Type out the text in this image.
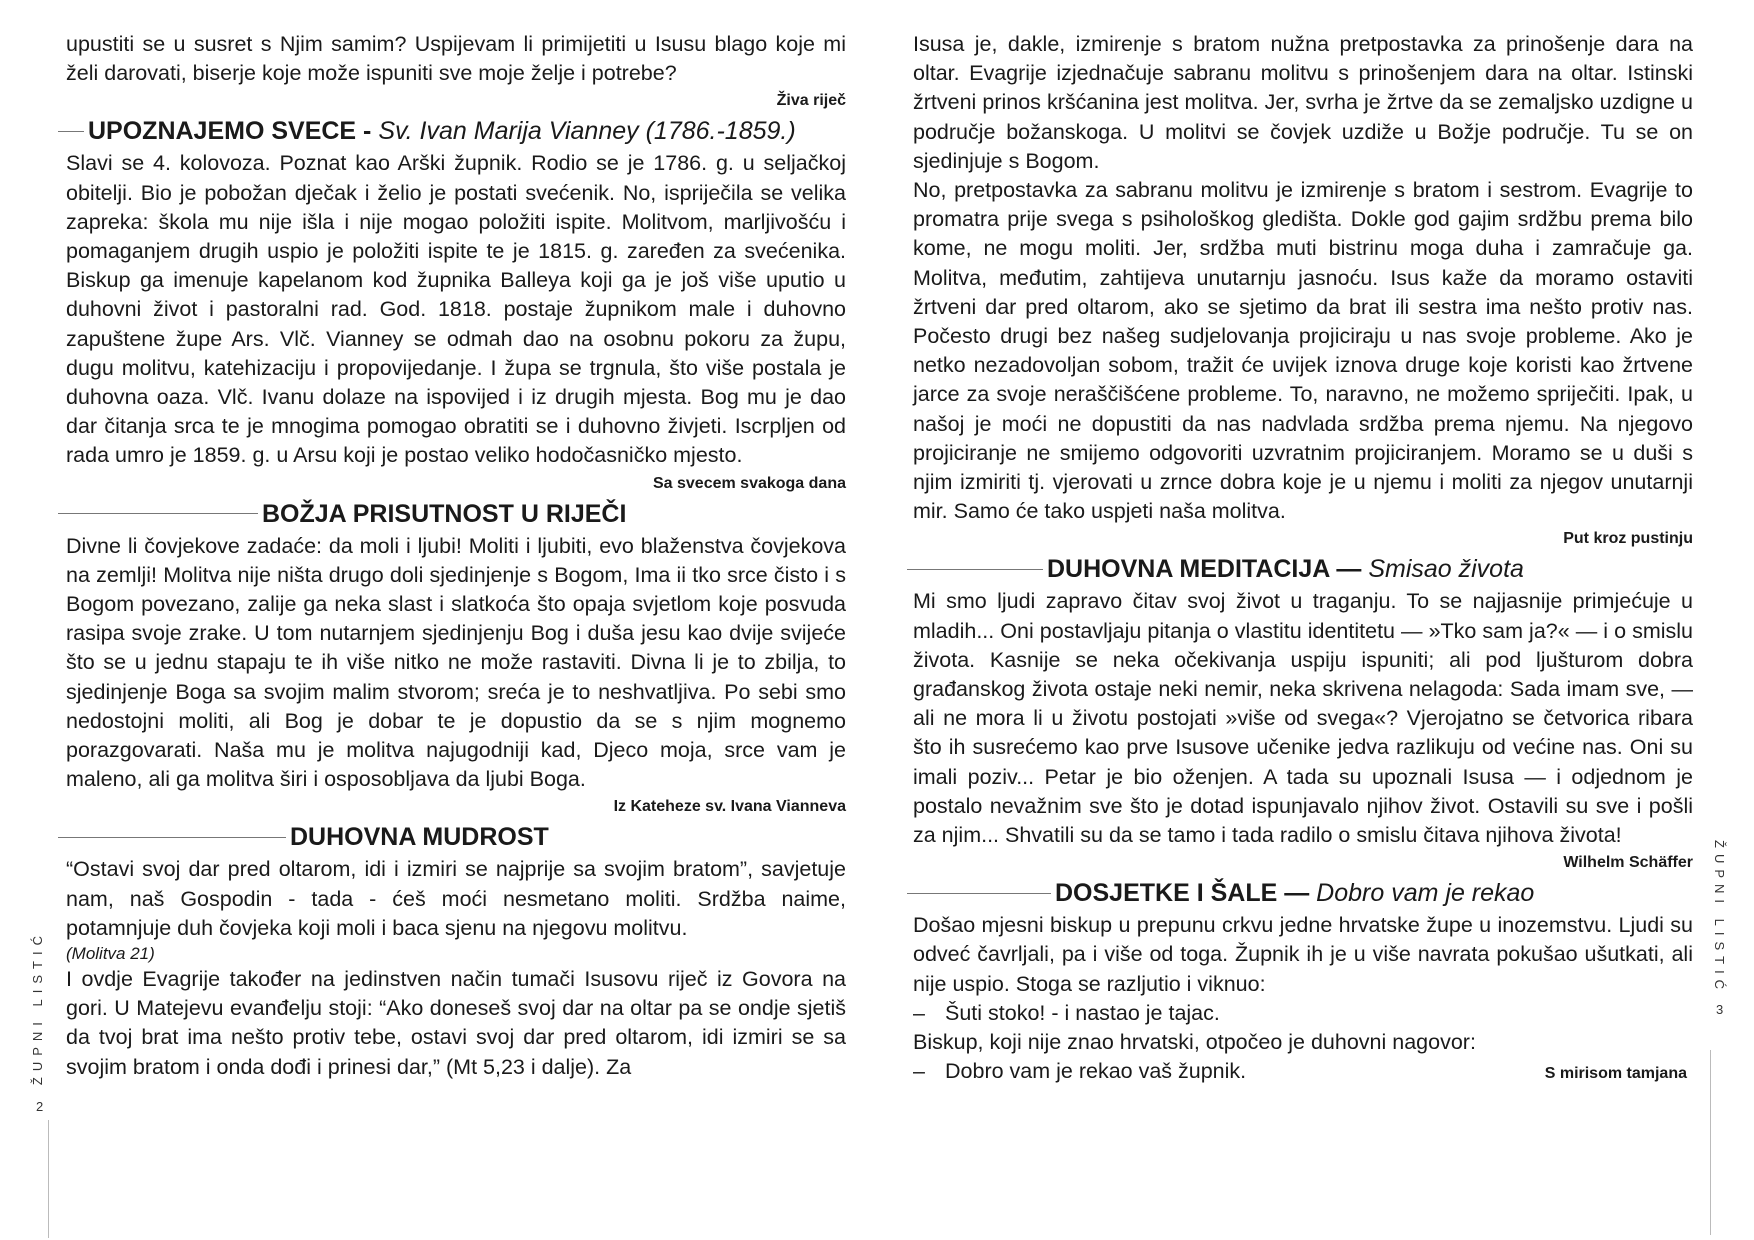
upustiti se u susret s Njim samim? Uspijevam li primijetiti u Isusu blago koje mi želi darovati, biserje koje može ispuniti sve moje želje i potrebe?

Živa riječ
UPOZNAJEMO SVECE -
Sv. Ivan Marija Vianney (1786.-1859.)

Slavi se 4. kolovoza. Poznat kao Arški župnik. Rodio se je 1786. g. u seljačkoj obitelji. Bio je pobožan dječak i želio je postati svećenik. No, ispriječila se velika zapreka: škola mu nije išla i nije mogao položiti ispite. Molitvom, marljivošću i pomaganjem drugih uspio je položiti ispite te je 1815. g. zaređen za svećenika. Biskup ga imenuje kapelanom kod župnika Balleya koji ga je još više uputio u duhovni život i pastoralni rad. God. 1818. postaje župnikom male i duhovno zapuštene župe Ars. Vlč. Vianney se odmah dao na osobnu pokoru za župu, dugu molitvu, katehizaciju i propovijedanje. I župa se trgnula, što više postala je duhovna oaza. Vlč. Ivanu dolaze na ispovijed i iz drugih mjesta. Bog mu je dao dar čitanja srca te je mnogima pomogao obratiti se i duhovno živjeti. Iscrpljen od rada umro je 1859. g. u Arsu koji je postao veliko hodočasničko mjesto.

Sa svecem svakoga dana
BOŽJA PRISUTNOST U RIJEČI

Divne li čovjekove zadaće: da moli i ljubi! Moliti i ljubiti, evo blaženstva čovjekova na zemlji! Molitva nije ništa drugo doli sjedinjenje s Bogom, Ima ii tko srce čisto i s Bogom povezano, zalije ga neka slast i slatkoća što opaja svjetlom koje posvuda rasipa svoje zrake. U tom nutarnjem sjedinjenju Bog i duša jesu kao dvije svijeće što se u jednu stapaju te ih više nitko ne može rastaviti. Divna li je to zbilja, to sjedinjenje Boga sa svojim malim stvorom; sreća je to neshvatljiva. Po sebi smo nedostojni moliti, ali Bog je dobar te je dopustio da se s njim mognemo porazgovarati. Naša mu je molitva najugodniji kad, Djeco moja, srce vam je maleno, ali ga molitva širi i osposobljava da ljubi Boga.

Iz Kateheze sv. Ivana Vianneva
DUHOVNA MUDROST

“Ostavi svoj dar pred oltarom, idi i izmiri se najprije sa svojim bratom”, savjetuje nam, naš Gospodin - tada - ćeš moći nesmetano moliti. Srdžba naime, potamnjuje duh čovjeka koji moli i baca sjenu na njegovu molitvu.

(Molitva 21)

I ovdje Evagrije također na jedinstven način tumači Isusovu riječ iz Govora na gori. U Matejevu evanđelju stoji: “Ako doneseš svoj dar na oltar pa se ondje sjetiš da tvoj brat ima nešto protiv tebe, ostavi svoj dar pred oltarom, idi izmiri se sa svojim bratom i onda dođi i prinesi dar,” (Mt 5,23 i dalje). Za

Isusa je, dakle, izmirenje s bratom nužna pretpostavka za prinošenje dara na oltar. Evagrije izjednačuje sabranu molitvu s prinošenjem dara na oltar. Istinski žrtveni prinos kršćanina jest molitva. Jer, svrha je žrtve da se zemaljsko uzdigne u područje božanskoga. U molitvi se čovjek uzdiže u Božje područje. Tu se on sjedinjuje s Bogom.

No, pretpostavka za sabranu molitvu je izmirenje s bratom i sestrom. Evagrije to promatra prije svega s psihološkog gledišta. Dokle god gajim srdžbu prema bilo kome, ne mogu moliti. Jer, srdžba muti bistrinu moga duha i zamračuje ga. Molitva, međutim, zahtijeva unutarnju jasnoću. Isus kaže da moramo ostaviti žrtveni dar pred oltarom, ako se sjetimo da brat ili sestra ima nešto protiv nas. Počesto drugi bez našeg sudjelovanja projiciraju u nas svoje probleme. Ako je netko nezadovoljan sobom, tražit će uvijek iznova druge koje koristi kao žrtvene jarce za svoje neraščišćene probleme. To, naravno, ne možemo spriječiti. Ipak, u našoj je moći ne dopustiti da nas nadvlada srdžba prema njemu. Na njegovo projiciranje ne smijemo odgovoriti uzvratnim projiciranjem. Moramo se u duši s njim izmiriti tj. vjerovati u zrnce dobra koje je u njemu i moliti za njegov unutarnji mir. Samo će tako uspjeti naša molitva.

Put kroz pustinju
DUHOVNA MEDITACIJA —
Smisao života

Mi smo ljudi zapravo čitav svoj život u traganju. To se najjasnije primjećuje u mladih... Oni postavljaju pitanja o vlastitu identitetu — »Tko sam ja?« — i o smislu života. Kasnije se neka očekivanja uspiju ispuniti; ali pod ljušturom dobra građanskog života ostaje neki nemir, neka skrivena nelagoda: Sada imam sve, — ali ne mora li u životu postojati »više od svega«? Vjerojatno se četvorica ribara što ih susrećemo kao prve Isusove učenike jedva razlikuju od većine nas. Oni su imali poziv... Petar je bio oženjen. A tada su upoznali Isusa — i odjednom je postalo nevažnim sve što je dotad ispunjavalo njihov život. Ostavili su sve i pošli za njim... Shvatili su da se tamo i tada radilo o smislu čitava njihova života!

Wilhelm Schäffer
DOSJETKE I ŠALE —
Dobro vam je rekao

Došao mjesni biskup u prepunu crkvu jedne hrvatske župe u inozemstvu. Ljudi su odveć čavrljali, pa i više od toga. Župnik ih je u više navrata pokušao ušutkati, ali nije uspio. Stoga se razljutio i viknuo:

– Šuti stoko! - i nastao je tajac.

Biskup, koji nije znao hrvatski, otpočeo je duhovni nagovor:

– Dobro vam je rekao vaš župnik.	S mirisom tamjana
ŽUPNI LISTIĆ
2
ŽUPNI LISTIĆ
3
